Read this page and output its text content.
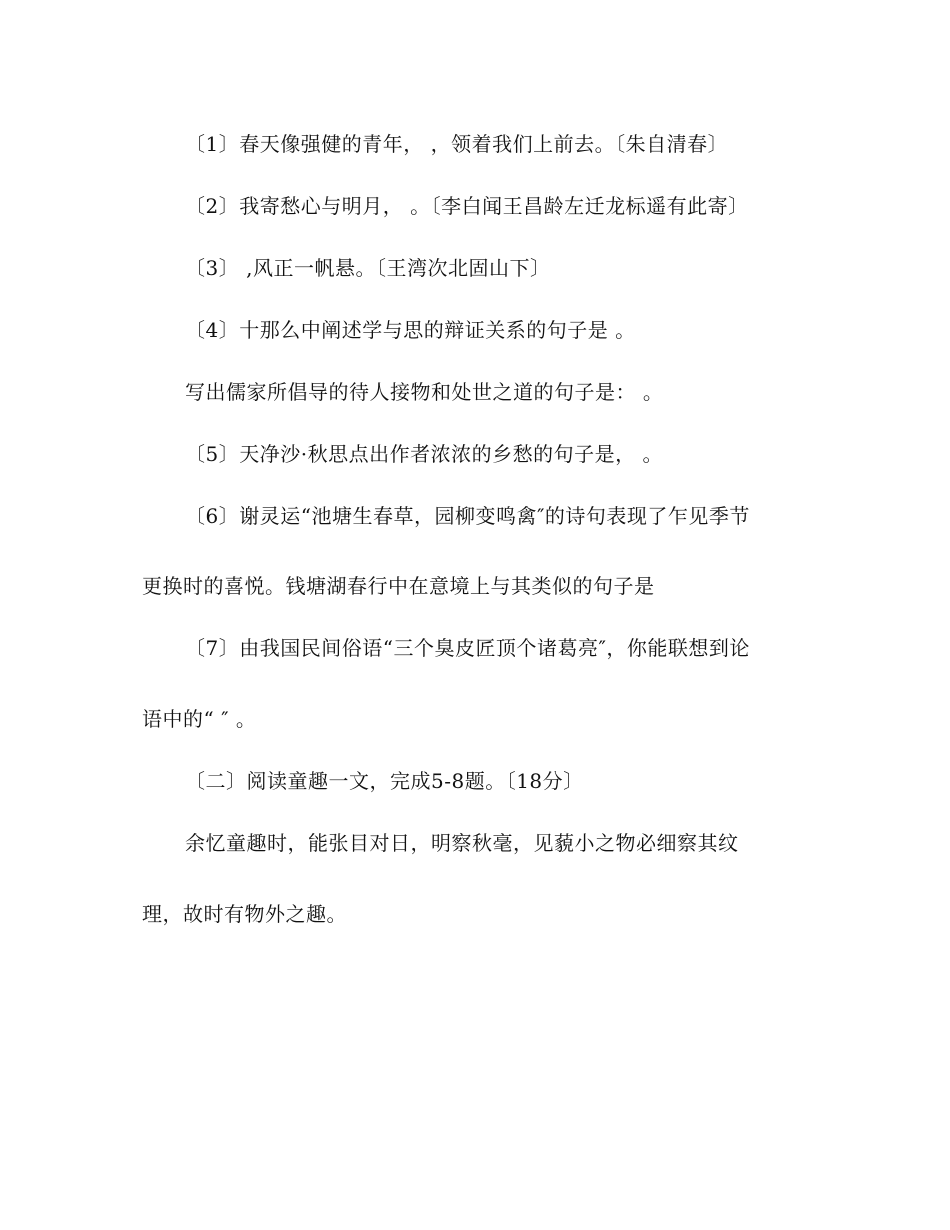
〔1〕春天像强健的青年， ，领着我们上前去。〔朱自清春〕
〔2〕我寄愁心与明月， 。〔李白闻王昌龄左迁龙标遥有此寄〕
〔3〕 ,风正一帆悬。〔王湾次北固山下〕
〔4〕十那么中阐述学与思的辩证关系的句子是 。
写出儒家所倡导的待人接物和处世之道的句子是： 。
〔5〕天净沙·秋思点出作者浓浓的乡愁的句子是， 。
〔6〕谢灵运“池塘生春草，园柳变鸣禽″的诗句表现了乍见季节
更换时的喜悦。钱塘湖春行中在意境上与其类似的句子是
〔7〕由我国民间俗语“三个臭皮匠顶个诸葛亮″，你能联想到论
语中的“ ″ 。
〔二〕阅读童趣一文，完成5-8题。〔18分〕
余忆童趣时，能张目对日，明察秋毫，见藐小之物必细察其纹
理，故时有物外之趣。
